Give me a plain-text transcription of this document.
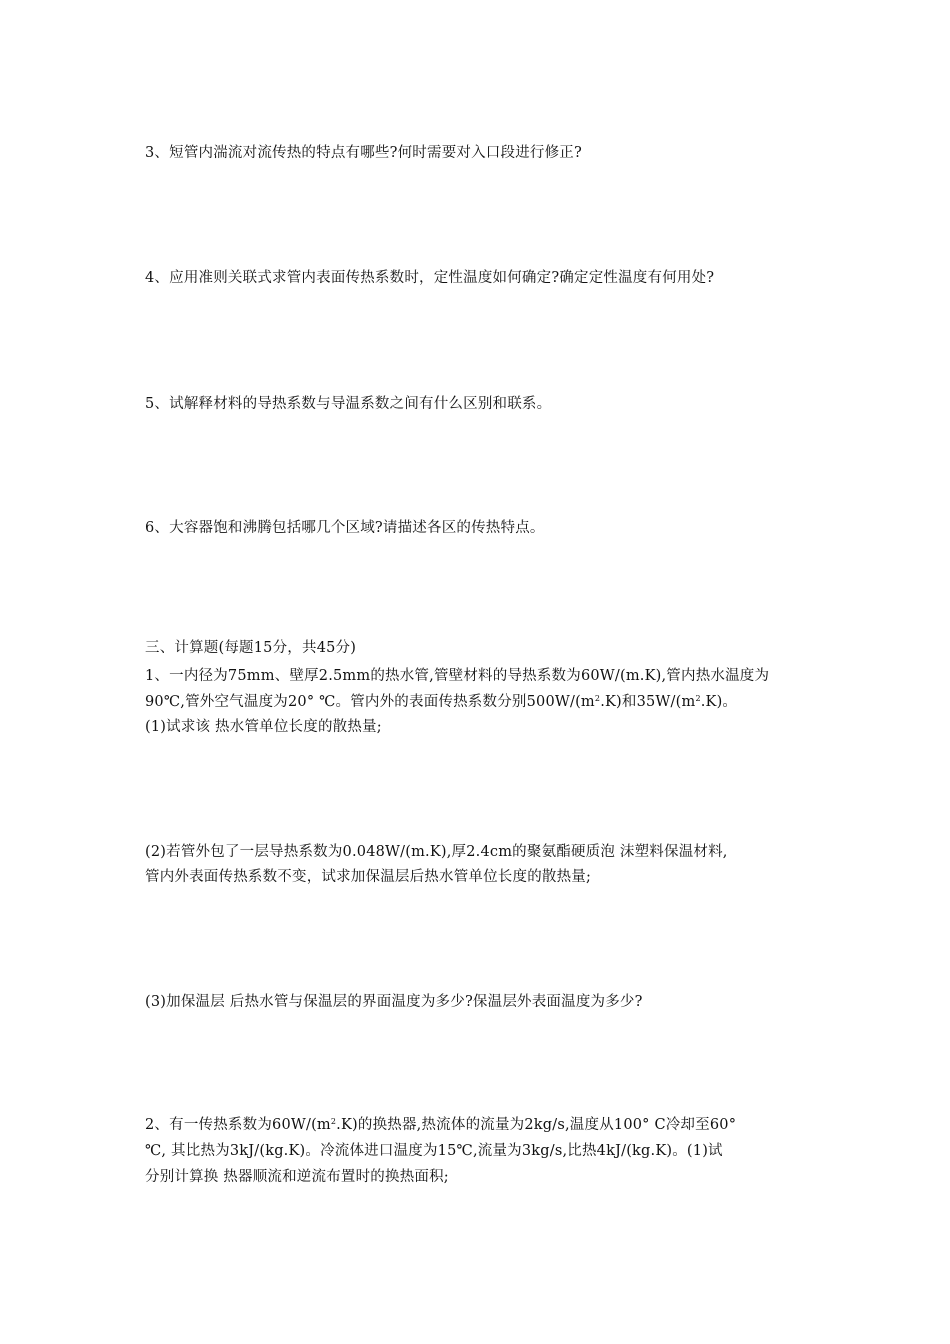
3、短管内湍流对流传热的特点有哪些?何时需要对入口段进行修正?

4、应用准则关联式求管内表面传热系数时，定性温度如何确定?确定定性温度有何用处?

5、试解释材料的导热系数与导温系数之间有什么区别和联系。

6、大容器饱和沸腾包括哪几个区域?请描述各区的传热特点。

三、计算题(每题15分，共45分)

1、一内径为75mm、壁厚2.5mm的热水管,管壁材料的导热系数为60W/(m.K),管内热水温度为

90℃,管外空气温度为20° ℃。管内外的表面传热系数分别$500W/(m^2.K)$和$35W/(m^2.K)$。

(1)试求该 热水管单位长度的散热量;

(2)若管外包了一层导热系数为0.048W/(m.K),厚2.4cm的聚氨酯硬质泡 沫塑料保温材料,

管内外表面传热系数不变，试求加保温层后热水管单位长度的散热量;

(3)加保温层 后热水管与保温层的界面温度为多少?保温层外表面温度为多少?

2、有一传热系数为$60W/(m^2.K)$的换热器,热流体的流量为2kg/s,温度从100° C冷却至60°

℃, 其比热为3kJ/(kg.K)。冷流体进口温度为15℃,流量为3kg/s,比热4kJ/(kg.K)。(1)试

分别计算换 热器顺流和逆流布置时的换热面积;
